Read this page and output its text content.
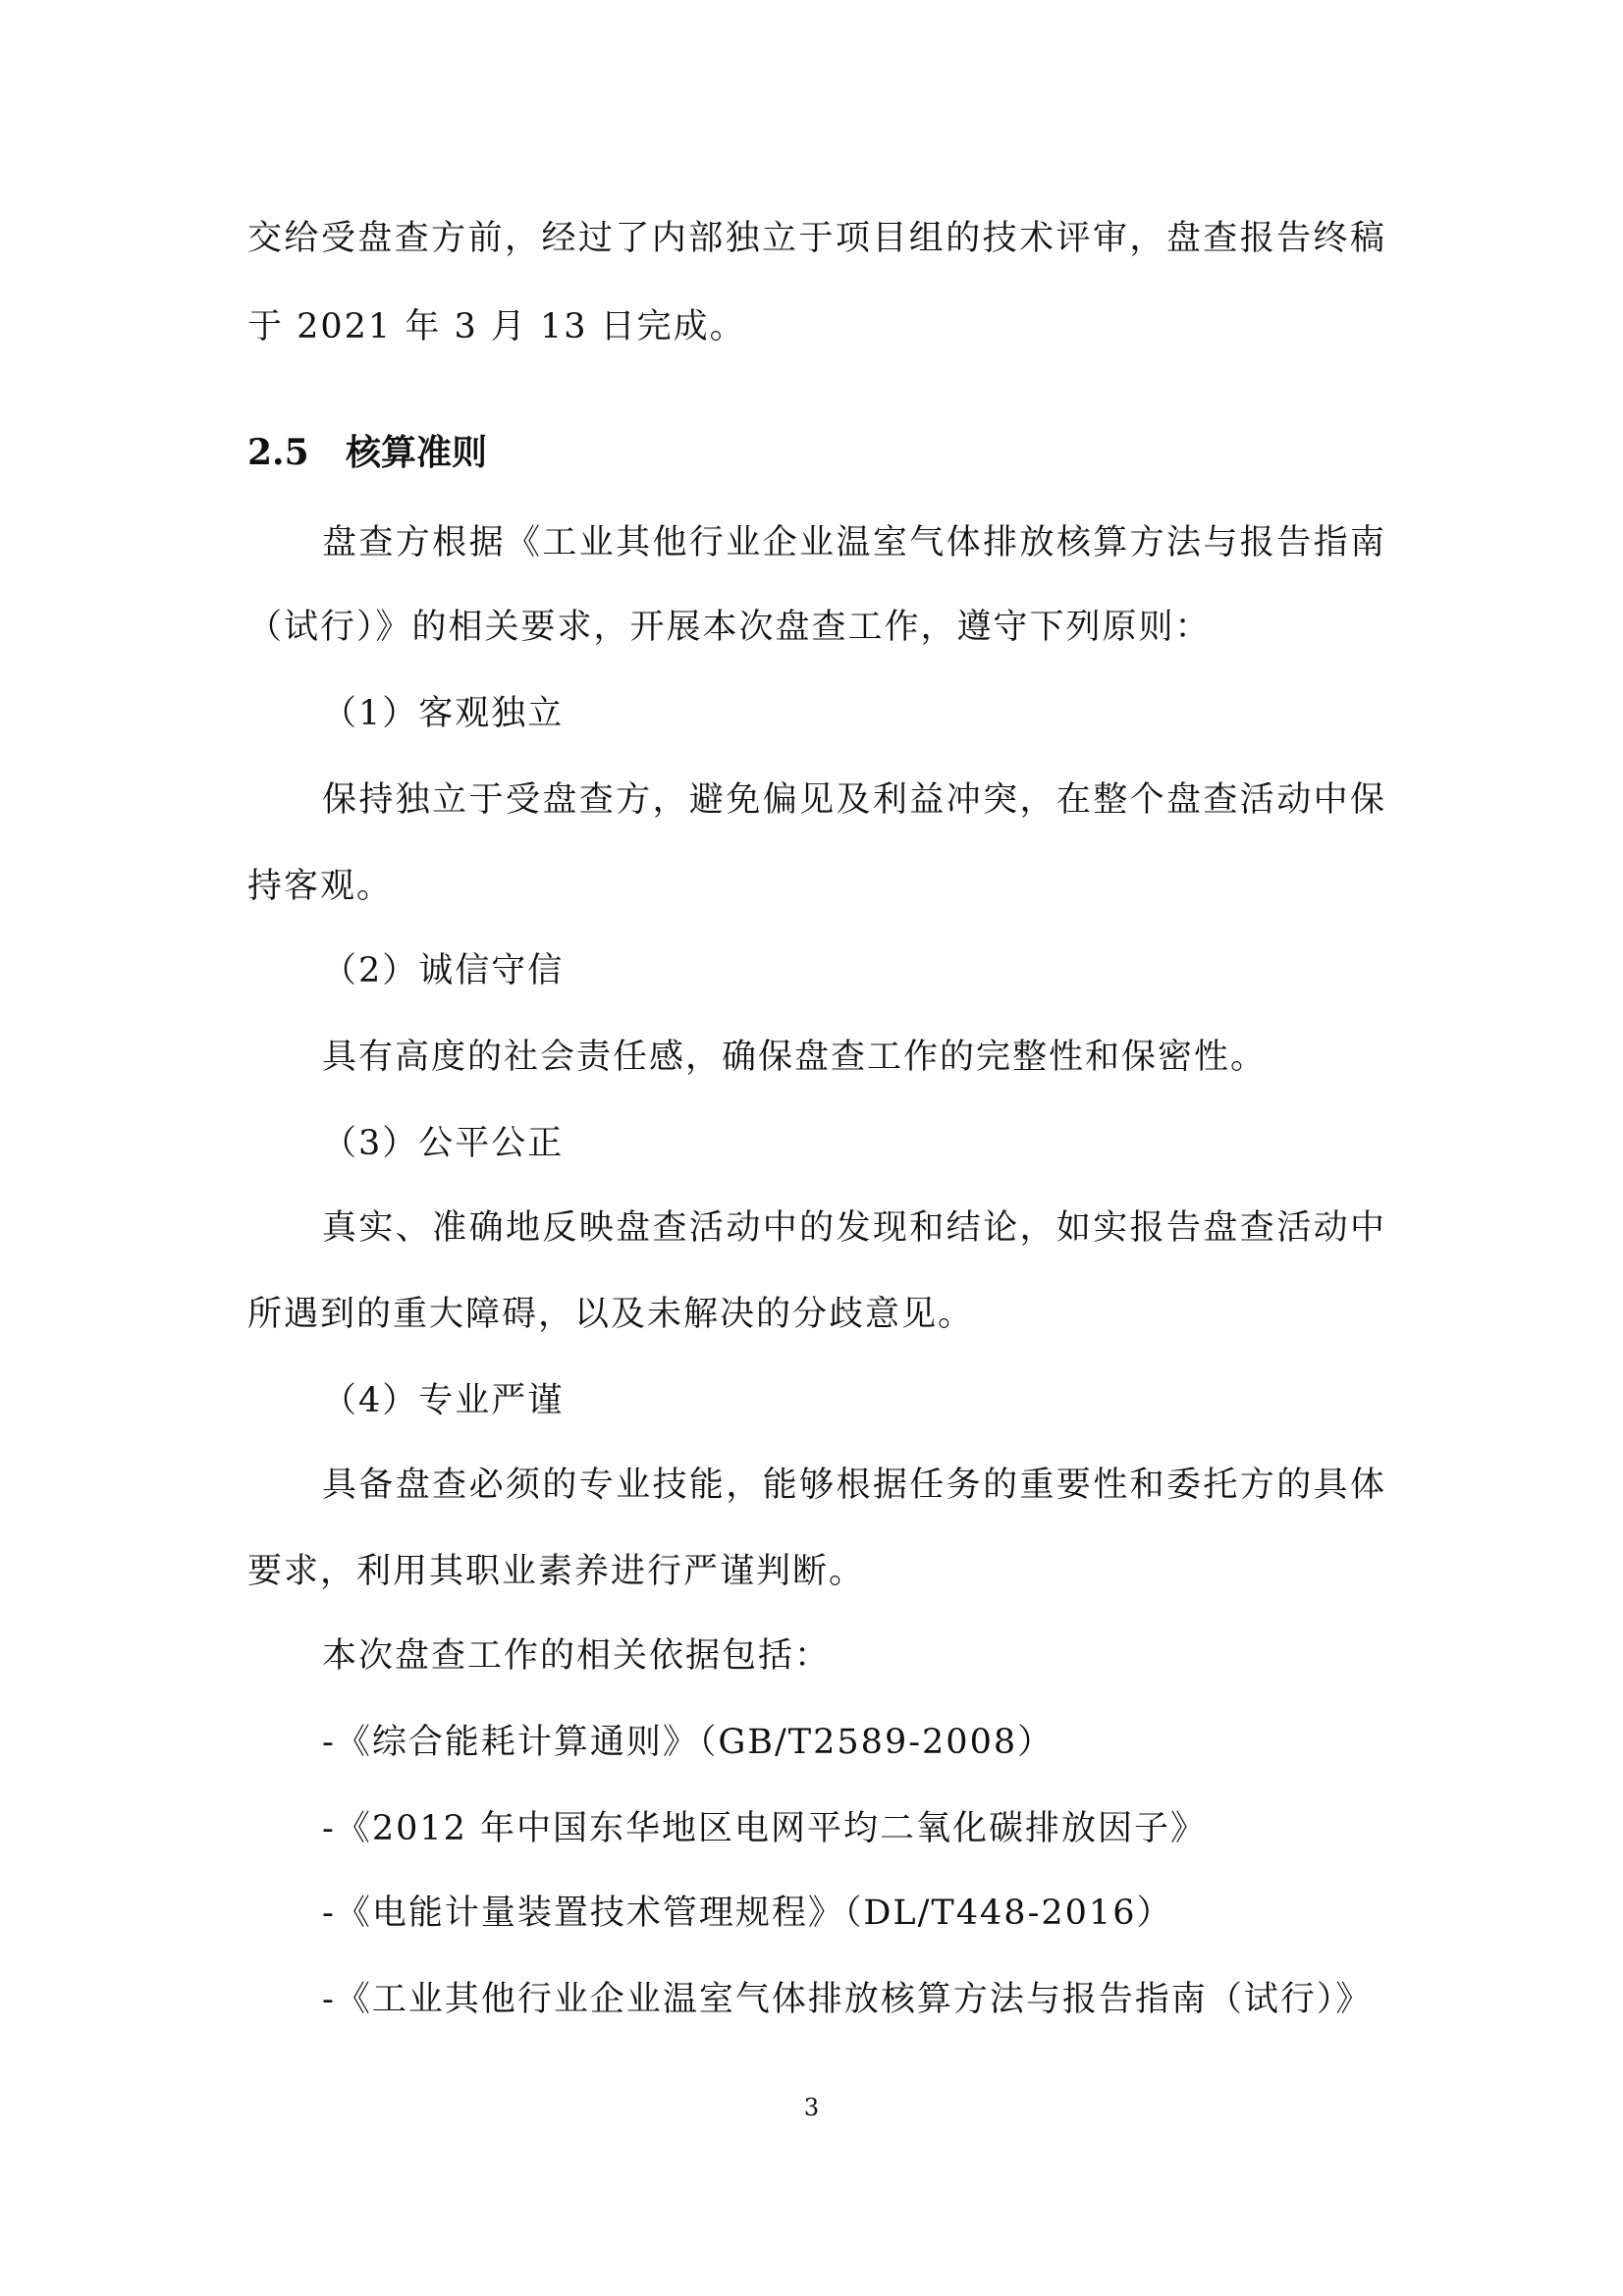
交给受盘查方前，经过了内部独立于项目组的技术评审，盘查报告终稿
于 2021 年 3 月 13 日完成。
2.5 核算准则
盘查方根据《工业其他行业企业温室气体排放核算方法与报告指南
（试行）》的相关要求，开展本次盘查工作，遵守下列原则：
（1）客观独立
保持独立于受盘查方，避免偏见及利益冲突，在整个盘查活动中保
持客观。
（2）诚信守信
具有高度的社会责任感，确保盘查工作的完整性和保密性。
（3）公平公正
真实、准确地反映盘查活动中的发现和结论，如实报告盘查活动中
所遇到的重大障碍，以及未解决的分歧意见。
（4）专业严谨
具备盘查必须的专业技能，能够根据任务的重要性和委托方的具体
要求，利用其职业素养进行严谨判断。
本次盘查工作的相关依据包括：
-《综合能耗计算通则》（GB/T2589-2008）
-《2012 年中国东华地区电网平均二氧化碳排放因子》
-《电能计量装置技术管理规程》（DL/T448-2016）
-《工业其他行业企业温室气体排放核算方法与报告指南（试行）》
3
